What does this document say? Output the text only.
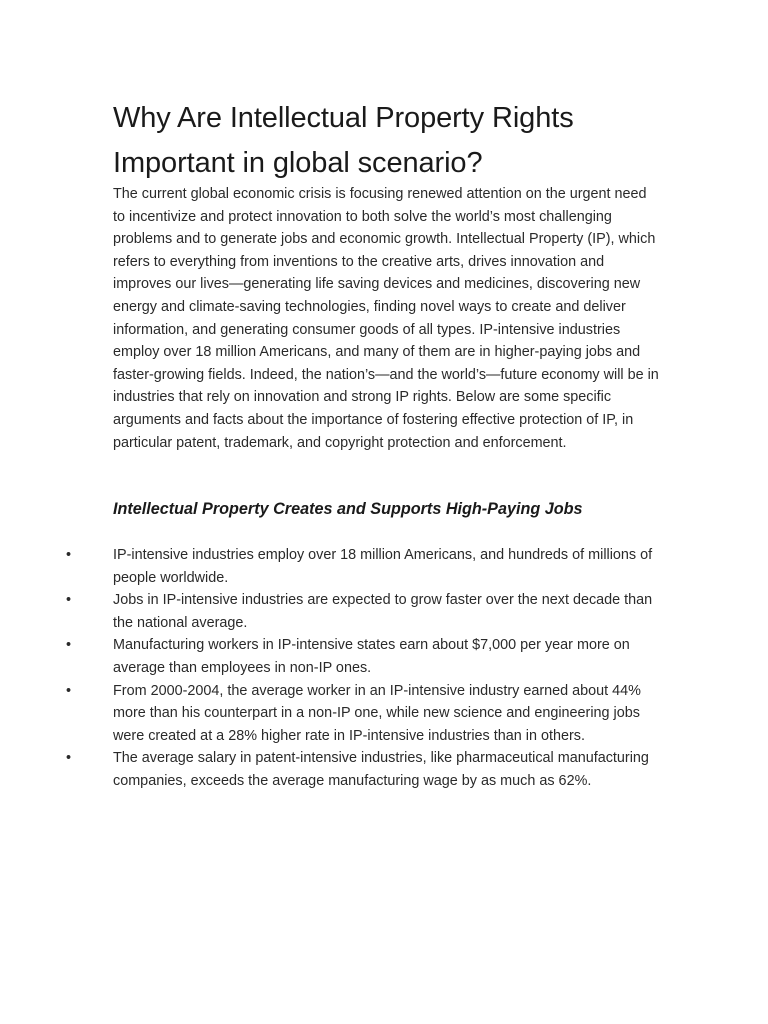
Why Are Intellectual Property Rights Important in global scenario?

The current global economic crisis is focusing renewed attention on the urgent need to incentivize and protect innovation to both solve the world’s most challenging problems and to generate jobs and economic growth. Intellectual Property (IP), which refers to everything from inventions to the creative arts, drives innovation and improves our lives—generating life saving devices and medicines, discovering new energy and climate-saving technologies, finding novel ways to create and deliver information, and generating consumer goods of all types. IP-intensive industries employ over 18 million Americans, and many of them are in higher-paying jobs and faster-growing fields. Indeed, the nation’s—and the world’s—future economy will be in industries that rely on innovation and strong IP rights. Below are some specific arguments and facts about the importance of fostering effective protection of IP, in particular patent, trademark, and copyright protection and enforcement.

Intellectual Property Creates and Supports High-Paying Jobs
•	IP-intensive industries employ over 18 million Americans, and hundreds of millions of people worldwide.
•	Jobs in IP-intensive industries are expected to grow faster over the next decade than the national average.
•	Manufacturing workers in IP-intensive states earn about $7,000 per year more on average than employees in non-IP ones.
•	From 2000-2004, the average worker in an IP-intensive industry earned about 44% more than his counterpart in a non-IP one, while new science and engineering jobs were created at a 28% higher rate in IP-intensive industries than in others.
•	The average salary in patent-intensive industries, like pharmaceutical manufacturing companies, exceeds the average manufacturing wage by as much as 62%.
